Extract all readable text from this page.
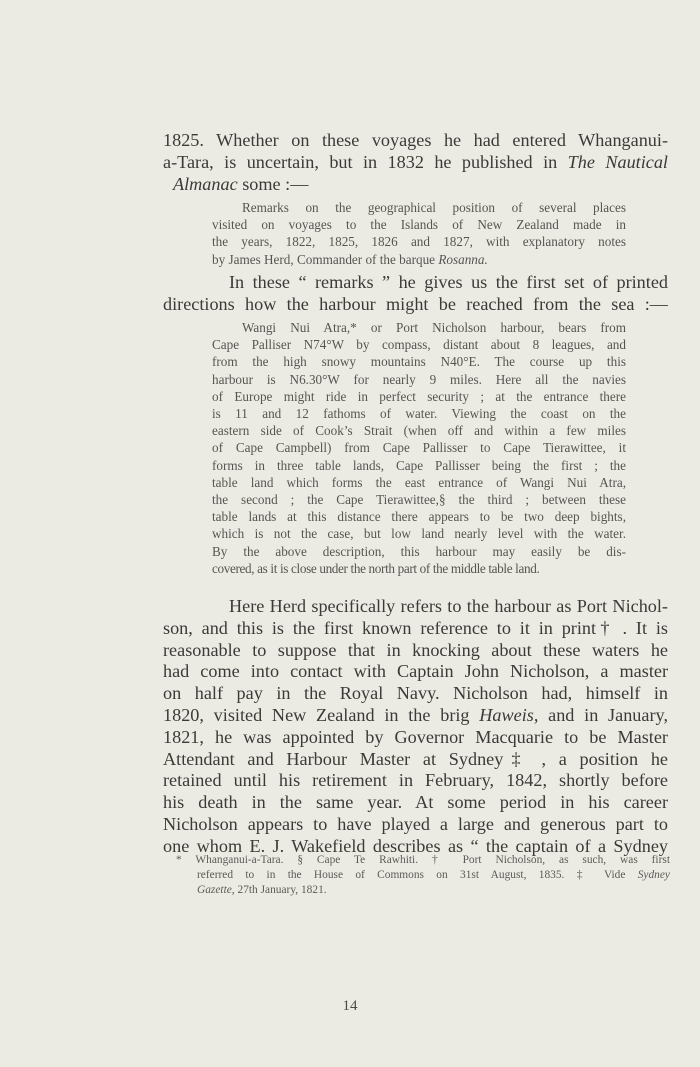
1825. Whether on these voyages he had entered Whanganui-
a-Tara, is uncertain, but in 1832 he published in The Nautical
Almanac some :—
Remarks on the geographical position of several places
visited on voyages to the Islands of New Zealand made in
the years, 1822, 1825, 1826 and 1827, with explanatory notes
by James Herd, Commander of the barque Rosanna.
In these “ remarks ” he gives us the first set of printed
directions how the harbour might be reached from the sea :—
Wangi Nui Atra,* or Port Nicholson harbour, bears from
Cape Palliser N74°W by compass, distant about 8 leagues, and
from the high snowy mountains N40°E. The course up this
harbour is N6.30°W for nearly 9 miles. Here all the navies
of Europe might ride in perfect security ; at the entrance there
is 11 and 12 fathoms of water. Viewing the coast on the
eastern side of Cook’s Strait (when off and within a few miles
of Cape Campbell) from Cape Pallisser to Cape Tierawittee, it
forms in three table lands, Cape Pallisser being the first ; the
table land which forms the east entrance of Wangi Nui Atra,
the second ; the Cape Tierawittee,§ the third ; between these
table lands at this distance there appears to be two deep bights,
which is not the case, but low land nearly level with the water.
By the above description, this harbour may easily be dis-
covered, as it is close under the north part of the middle table land.
Here Herd specifically refers to the harbour as Port Nichol-
son, and this is the first known reference to it in print† . It is
reasonable to suppose that in knocking about these waters he
had come into contact with Captain John Nicholson, a master
on half pay in the Royal Navy. Nicholson had, himself in
1820, visited New Zealand in the brig Haweis, and in January,
1821, he was appointed by Governor Macquarie to be Master
Attendant and Harbour Master at Sydney‡ , a position he
retained until his retirement in February, 1842, shortly before
his death in the same year. At some period in his career
Nicholson appears to have played a large and generous part to
one whom E. J. Wakefield describes as “ the captain of a Sydney
* Whanganui-a-Tara. § Cape Te Rawhiti. † Port Nicholson, as such, was first
referred to in the House of Commons on 31st August, 1835. ‡ Vide Sydney
Gazette, 27th January, 1821.
14
